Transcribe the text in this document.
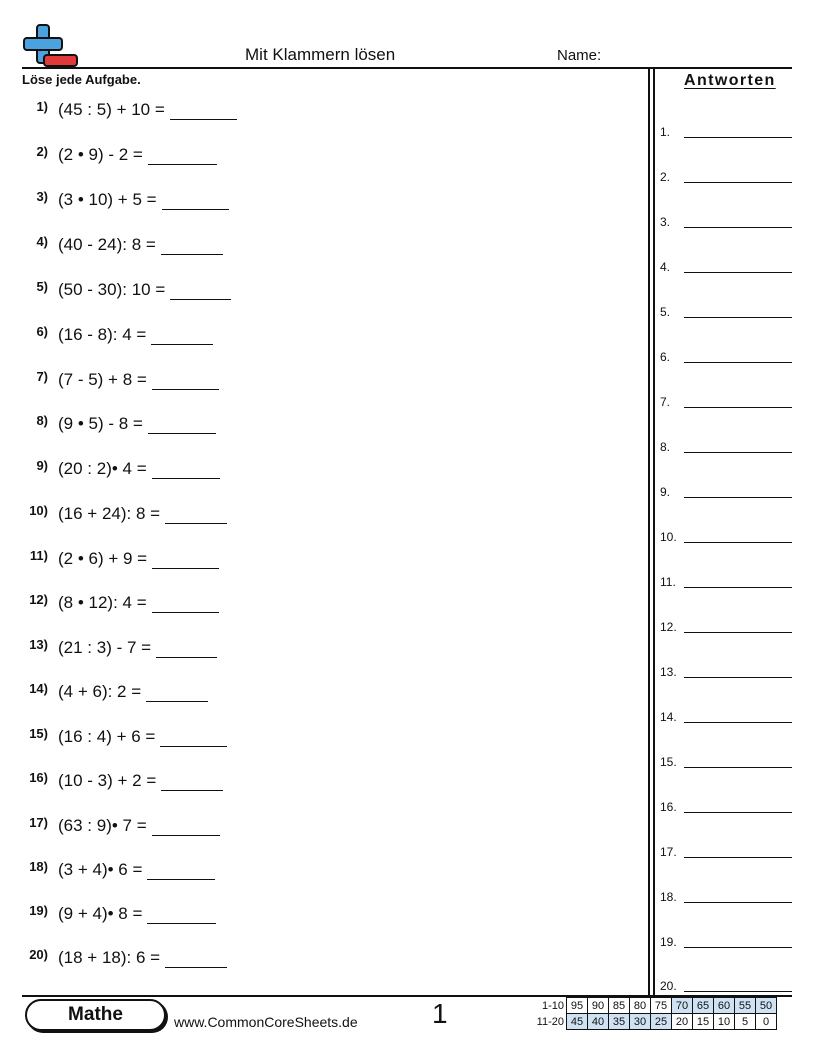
Mit Klammern lösen	Name:
Löse jede Aufgabe.
1) (45 : 5) + 10 =
2) (2 • 9) - 2 =
3) (3 • 10) + 5 =
4) (40 - 24): 8 =
5) (50 - 30): 10 =
6) (16 - 8): 4 =
7) (7 - 5) + 8 =
8) (9 • 5) - 8 =
9) (20 : 2)• 4 =
10) (16 + 24): 8 =
11) (2 • 6) + 9 =
12) (8 • 12): 4 =
13) (21 : 3) - 7 =
14) (4 + 6): 2 =
15) (16 : 4) + 6 =
16) (10 - 3) + 2 =
17) (63 : 9)• 7 =
18) (3 + 4)• 6 =
19) (9 + 4)• 8 =
20) (18 + 18): 6 =
Antworten
1.
2.
3.
4.
5.
6.
7.
8.
9.
10.
11.
12.
13.
14.
15.
16.
17.
18.
19.
20.
Mathe	www.CommonCoreSheets.de	1	1-10	95	90	85	80	75	70	65	60	55	50
11-20	45	40	35	30	25	20	15	10	5	0
